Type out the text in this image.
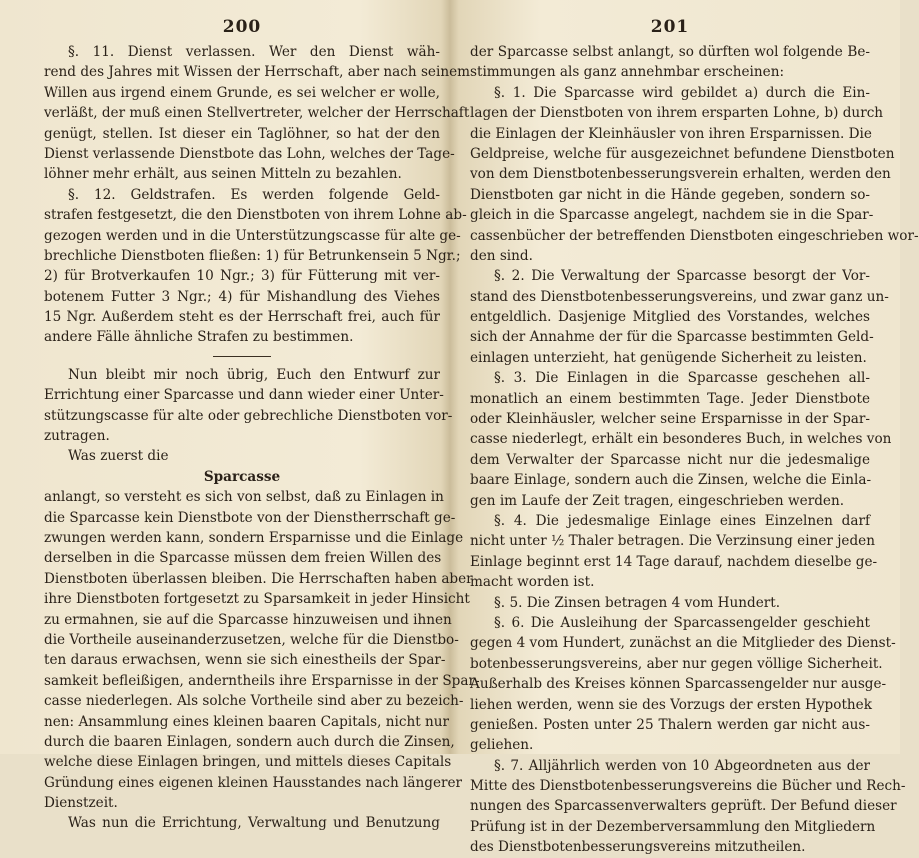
200
§. 11. Dienst verlassen. Wer den Dienst wäh-
rend des Jahres mit Wissen der Herrschaft, aber nach seinem
Willen aus irgend einem Grunde, es sei welcher er wolle,
verläßt, der muß einen Stellvertreter, welcher der Herrschaft
genügt, stellen. Ist dieser ein Taglöhner, so hat der den
Dienst verlassende Dienstbote das Lohn, welches der Tage-
löhner mehr erhält, aus seinen Mitteln zu bezahlen.
§. 12. Geldstrafen. Es werden folgende Geld-
strafen festgesetzt, die den Dienstboten von ihrem Lohne ab-
gezogen werden und in die Unterstützungscasse für alte ge-
brechliche Dienstboten fließen: 1) für Betrunkensein 5 Ngr.;
2) für Brotverkaufen 10 Ngr.; 3) für Fütterung mit ver-
botenem Futter 3 Ngr.; 4) für Mishandlung des Viehes
15 Ngr. Außerdem steht es der Herrschaft frei, auch für
andere Fälle ähnliche Strafen zu bestimmen.
Nun bleibt mir noch übrig, Euch den Entwurf zur
Errichtung einer Sparcasse und dann wieder einer Unter-
stützungscasse für alte oder gebrechliche Dienstboten vor-
zutragen.
Was zuerst die
Sparcasse
anlangt, so versteht es sich von selbst, daß zu Einlagen in
die Sparcasse kein Dienstbote von der Dienstherrschaft ge-
zwungen werden kann, sondern Ersparnisse und die Einlage
derselben in die Sparcasse müssen dem freien Willen des
Dienstboten überlassen bleiben. Die Herrschaften haben aber
ihre Dienstboten fortgesetzt zu Sparsamkeit in jeder Hinsicht
zu ermahnen, sie auf die Sparcasse hinzuweisen und ihnen
die Vortheile auseinanderzusetzen, welche für die Dienstbo-
ten daraus erwachsen, wenn sie sich einestheils der Spar-
samkeit befleißigen, anderntheils ihre Ersparnisse in der Spar-
casse niederlegen. Als solche Vortheile sind aber zu bezeich-
nen: Ansammlung eines kleinen baaren Capitals, nicht nur
durch die baaren Einlagen, sondern auch durch die Zinsen,
welche diese Einlagen bringen, und mittels dieses Capitals
Gründung eines eigenen kleinen Hausstandes nach längerer
Dienstzeit.
Was nun die Errichtung, Verwaltung und Benutzung
201
der Sparcasse selbst anlangt, so dürften wol folgende Be-
stimmungen als ganz annehmbar erscheinen:
§. 1. Die Sparcasse wird gebildet a) durch die Ein-
lagen der Dienstboten von ihrem ersparten Lohne, b) durch
die Einlagen der Kleinhäusler von ihren Ersparnissen. Die
Geldpreise, welche für ausgezeichnet befundene Dienstboten
von dem Dienstbotenbesserungsverein erhalten, werden den
Dienstboten gar nicht in die Hände gegeben, sondern so-
gleich in die Sparcasse angelegt, nachdem sie in die Spar-
cassenbücher der betreffenden Dienstboten eingeschrieben wor-
den sind.
§. 2. Die Verwaltung der Sparcasse besorgt der Vor-
stand des Dienstbotenbesserungsvereins, und zwar ganz un-
entgeldlich. Dasjenige Mitglied des Vorstandes, welches
sich der Annahme der für die Sparcasse bestimmten Geld-
einlagen unterzieht, hat genügende Sicherheit zu leisten.
§. 3. Die Einlagen in die Sparcasse geschehen all-
monatlich an einem bestimmten Tage. Jeder Dienstbote
oder Kleinhäusler, welcher seine Ersparnisse in der Spar-
casse niederlegt, erhält ein besonderes Buch, in welches von
dem Verwalter der Sparcasse nicht nur die jedesmalige
baare Einlage, sondern auch die Zinsen, welche die Einla-
gen im Laufe der Zeit tragen, eingeschrieben werden.
§. 4. Die jedesmalige Einlage eines Einzelnen darf
nicht unter ½ Thaler betragen. Die Verzinsung einer jeden
Einlage beginnt erst 14 Tage darauf, nachdem dieselbe ge-
macht worden ist.
§. 5. Die Zinsen betragen 4 vom Hundert.
§. 6. Die Ausleihung der Sparcassengelder geschieht
gegen 4 vom Hundert, zunächst an die Mitglieder des Dienst-
botenbesserungsvereins, aber nur gegen völlige Sicherheit.
Außerhalb des Kreises können Sparcassengelder nur ausge-
liehen werden, wenn sie des Vorzugs der ersten Hypothek
genießen. Posten unter 25 Thalern werden gar nicht aus-
geliehen.
§. 7. Alljährlich werden von 10 Abgeordneten aus der
Mitte des Dienstbotenbesserungsvereins die Bücher und Rech-
nungen des Sparcassenverwalters geprüft. Der Befund dieser
Prüfung ist in der Dezemberversammlung den Mitgliedern
des Dienstbotenbesserungsvereins mitzutheilen.
